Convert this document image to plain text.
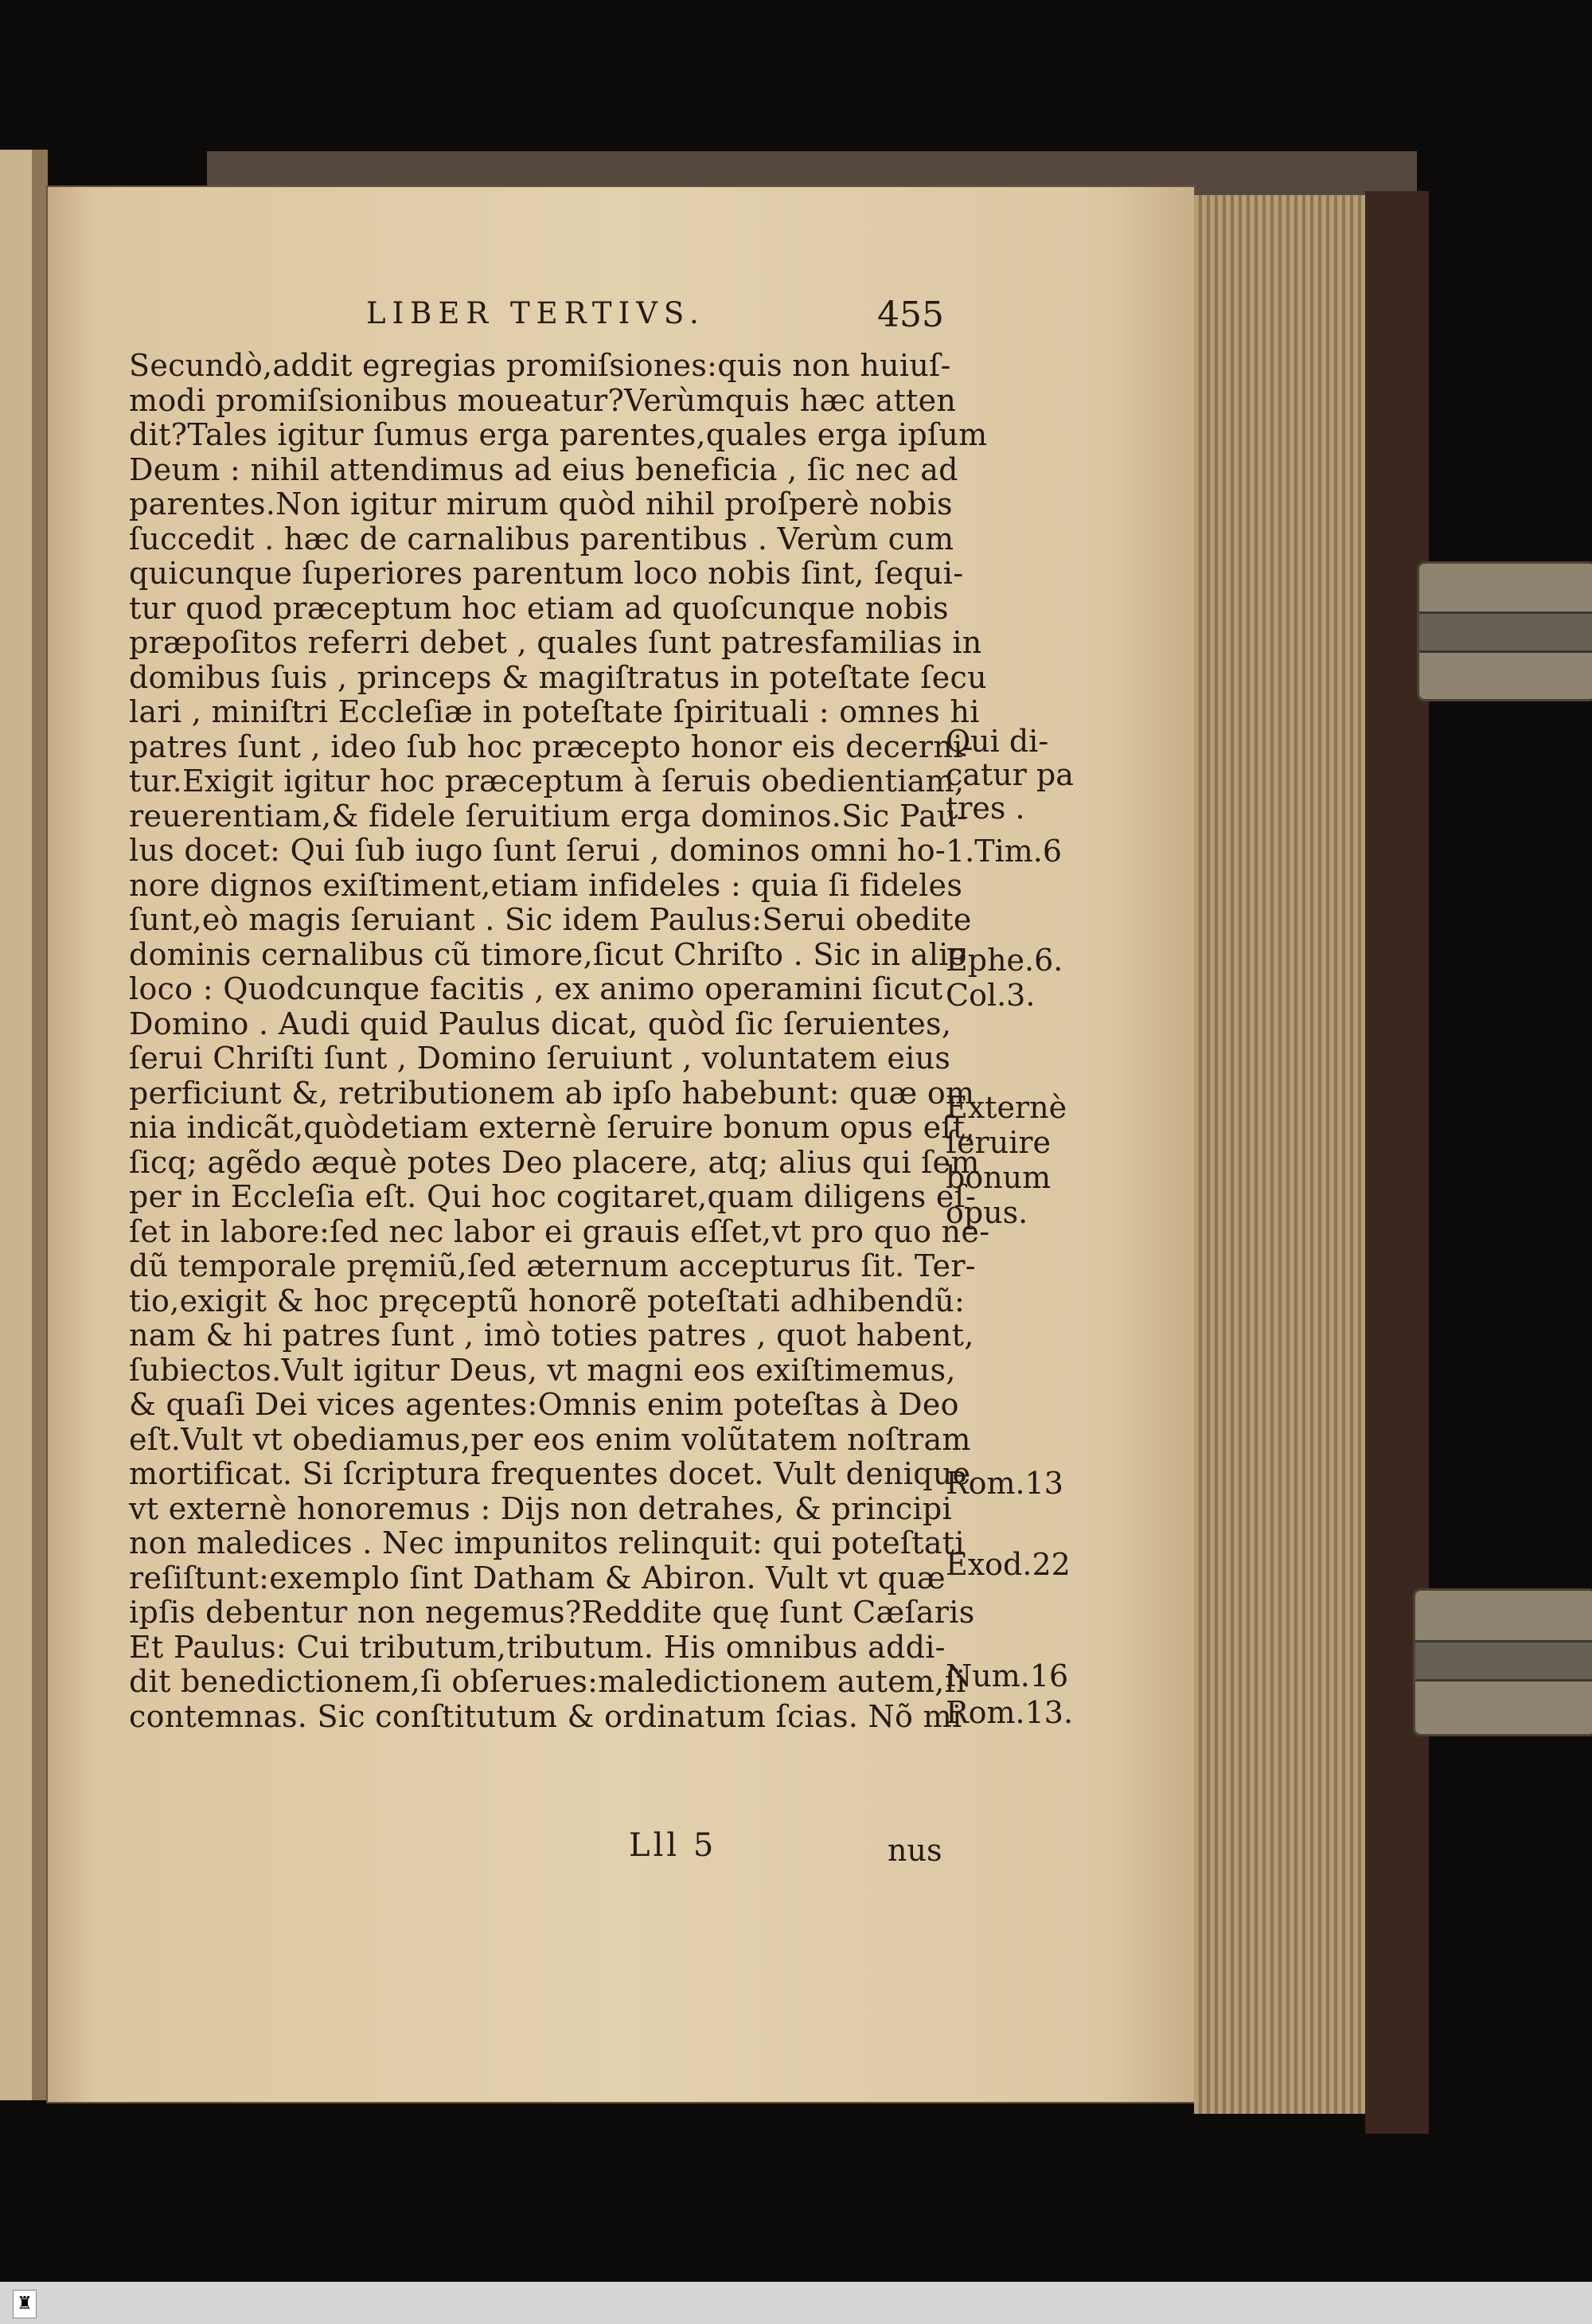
LIBER TERTIVS.	455
Secundò,addit egregias promiſsiones:quis non huiuſ-
modi promiſsionibus moueatur?Verùmquis hæc atten
dit?Tales igitur ſumus erga parentes,quales erga ipſum
Deum : nihil attendimus ad eius beneficia , ſic nec ad
parentes.Non igitur mirum quòd nihil proſperè nobis
ſuccedit . hæc de carnalibus parentibus . Verùm cum
quicunque ſuperiores parentum loco nobis ſint, ſequi-
tur quod præceptum hoc etiam ad quoſcunque nobis
præpoſitos referri debet , quales ſunt patresfamilias in
domibus ſuis , princeps & magiſtratus in poteſtate ſecu
lari , miniſtri Eccleſiæ in poteſtate ſpirituali : omnes hi
patres ſunt , ideo ſub hoc præcepto honor eis decerni-
tur.Exigit igitur hoc præceptum à ſeruis obedientiam,
reuerentiam,& fidele ſeruitium erga dominos.Sic Pau-
lus docet: Qui ſub iugo ſunt ſerui , dominos omni ho-
nore dignos exiſtiment,etiam infideles : quia ſi fideles
ſunt,eò magis ſeruiant . Sic idem Paulus:Serui obedite
dominis cernalibus cũ timore,ſicut Chriſto . Sic in alio
loco : Quodcunque facitis , ex animo operamini ſicut
Domino . Audi quid Paulus dicat, quòd ſic ſeruientes,
ſerui Chriſti ſunt , Domino ſeruiunt , voluntatem eius
perficiunt &, retributionem ab ipſo habebunt: quæ om
nia indicãt,quòdetiam externè ſeruire bonum opus eſt,
ſicq; agẽdo æquè potes Deo placere, atq; alius qui ſem
per in Eccleſia eſt. Qui hoc cogitaret,quam diligens eſ-
ſet in labore:ſed nec labor ei grauis eſſet,vt pro quo ne-
dũ temporale pręmiũ,ſed æternum accepturus ſit. Ter-
tio,exigit & hoc pręceptũ honorẽ poteſtati adhibendũ:
nam & hi patres ſunt , imò toties patres , quot habent,
ſubiectos.Vult igitur Deus, vt magni eos exiſtimemus,
& quaſi Dei vices agentes:Omnis enim poteſtas à Deo
eſt.Vult vt obediamus,per eos enim volũtatem noſtram
mortificat. Si ſcriptura frequentes docet. Vult denique
vt externè honoremus : Dijs non detrahes, & principi
non maledices . Nec impunitos relinquit: qui poteſtati
reſiſtunt:exemplo ſint Datham & Abiron. Vult vt quæ
ipſis debentur non negemus?Reddite quę ſunt Cæſaris
Et Paulus: Cui tributum,tributum. His omnibus addi-
dit benedictionem,ſi obſerues:maledictionem autem,ſi
contemnas. Sic conſtitutum & ordinatum ſcias. Nõ mi
Qui di-
catur pa
tres .
1.Tim.6
Ephe.6.
Col.3.
Externè
ſeruire
bonum
opus.
Rom.13
Exod.22
Num.16
Rom.13.
Lll 5	nus
♜
